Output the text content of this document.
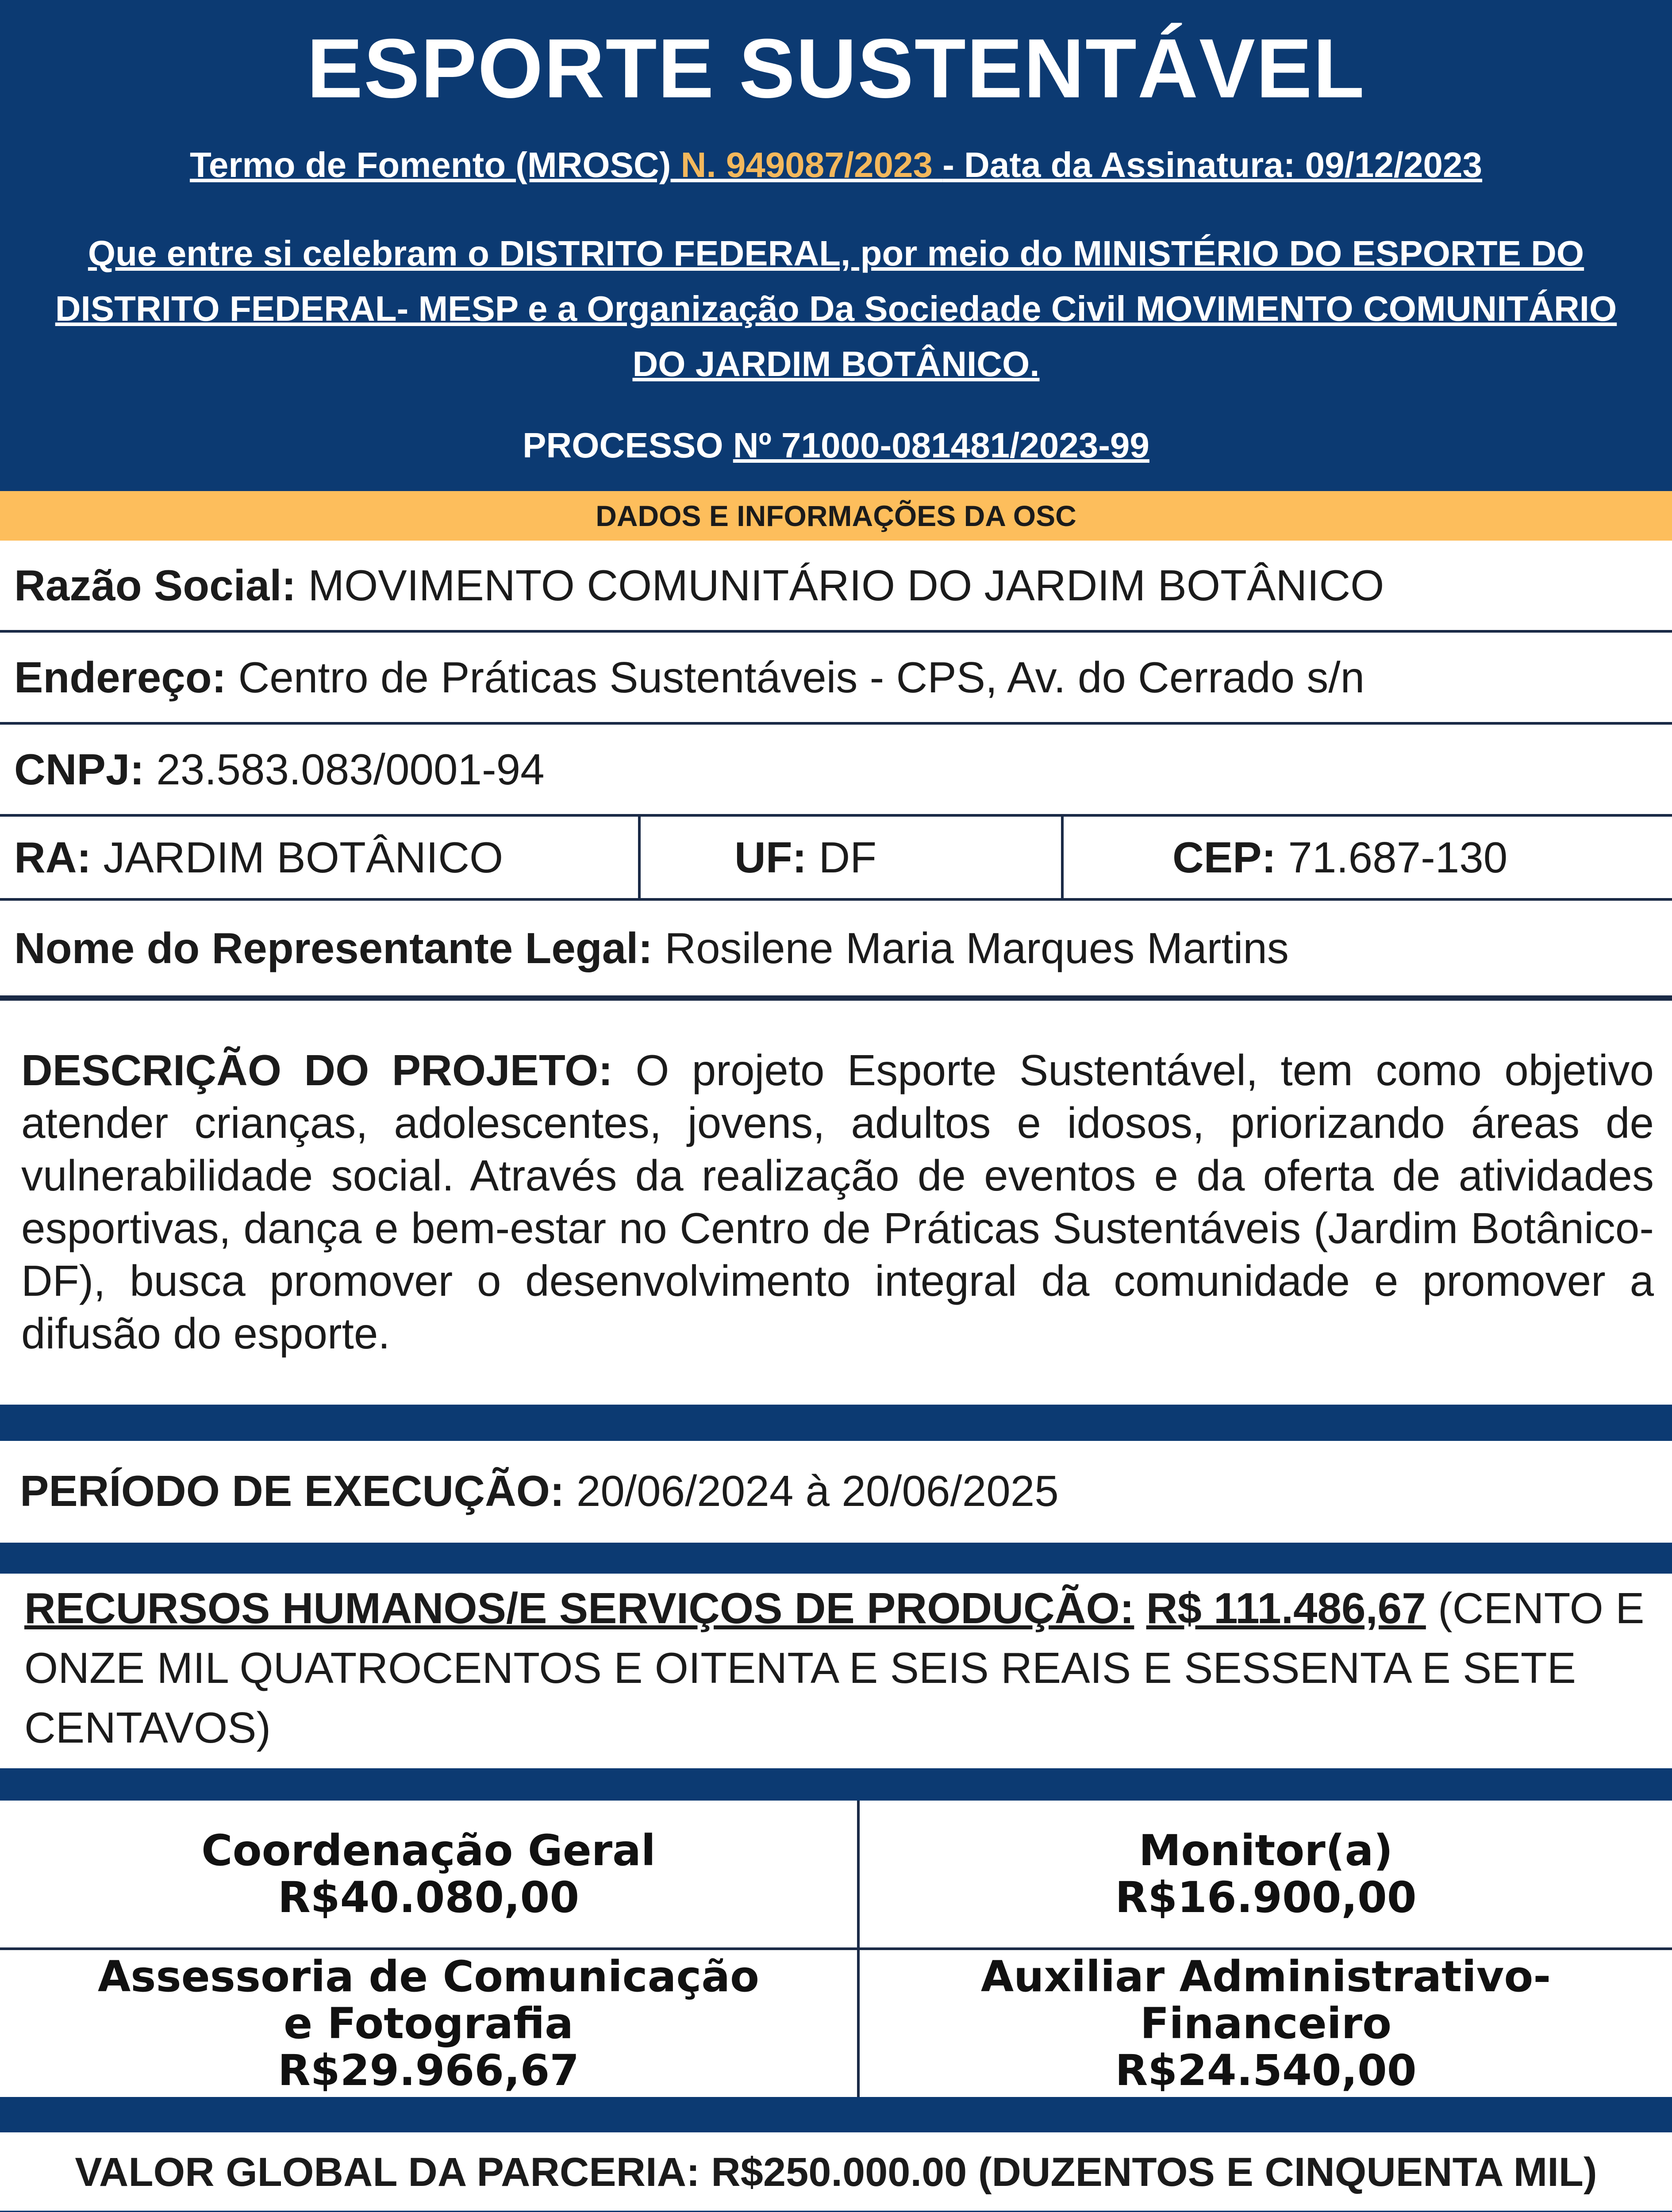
ESPORTE SUSTENTÁVEL
Termo de Fomento (MROSC) N. 949087/2023 - Data da Assinatura: 09/12/2023
Que entre si celebram o DISTRITO FEDERAL, por meio do MINISTÉRIO DO ESPORTE DO DISTRITO FEDERAL- MESP e a Organização Da Sociedade Civil MOVIMENTO COMUNITÁRIO DO JARDIM BOTÂNICO.
PROCESSO Nº 71000-081481/2023-99
DADOS E INFORMAÇÕES DA OSC
Razão Social: MOVIMENTO COMUNITÁRIO DO JARDIM BOTÂNICO
Endereço: Centro de Práticas Sustentáveis - CPS, Av. do Cerrado s/n
CNPJ: 23.583.083/0001-94
RA: JARDIM BOTÂNICO	UF: DF	CEP: 71.687-130
Nome do Representante Legal: Rosilene Maria Marques Martins
DESCRIÇÃO DO PROJETO: O projeto Esporte Sustentável, tem como objetivo atender crianças, adolescentes, jovens, adultos e idosos, priorizando áreas de vulnerabilidade social. Através da realização de eventos e da oferta de atividades esportivas, dança e bem-estar no Centro de Práticas Sustentáveis (Jardim Botânico-DF), busca promover o desenvolvimento integral da comunidade e promover a difusão do esporte.
PERÍODO DE EXECUÇÃO: 20/06/2024 à 20/06/2025
RECURSOS HUMANOS/E SERVIÇOS DE PRODUÇÃO: R$ 111.486,67 (CENTO E ONZE MIL QUATROCENTOS E OITENTA E SEIS REAIS E SESSENTA E SETE CENTAVOS)
Coordenação Geral
R$40.080,00
Monitor(a)
R$16.900,00
Assessoria de Comunicação
e Fotografia
R$29.966,67
Auxiliar Administrativo-
Financeiro
R$24.540,00
VALOR GLOBAL DA PARCERIA: R$250.000.00 (DUZENTOS E CINQUENTA MIL)
